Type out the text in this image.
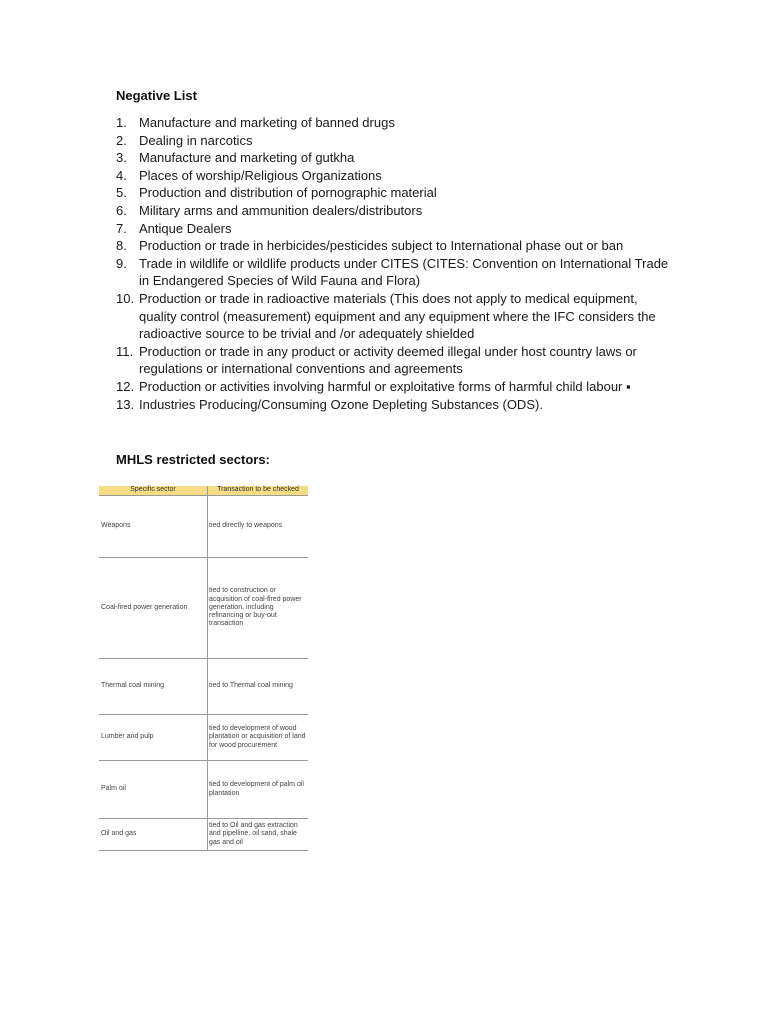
Negative List
1. Manufacture and marketing of banned drugs
2. Dealing in narcotics
3. Manufacture and marketing of gutkha
4. Places of worship/Religious Organizations
5. Production and distribution of pornographic material
6. Military arms and ammunition dealers/distributors
7. Antique Dealers
8. Production or trade in herbicides/pesticides subject to International phase out or ban
9. Trade in wildlife or wildlife products under CITES (CITES: Convention on International Trade in Endangered Species of Wild Fauna and Flora)
10. Production or trade in radioactive materials (This does not apply to medical equipment, quality control (measurement) equipment and any equipment where the IFC considers the radioactive source to be trivial and /or adequately shielded
11. Production or trade in any product or activity deemed illegal under host country laws or regulations or international conventions and agreements
12. Production or activities involving harmful or exploitative forms of harmful child labour ▪
13. Industries Producing/Consuming Ozone Depleting Substances (ODS).
MHLS restricted sectors:
Specific sector	Transaction to be checked
Weapons	tied directly to weapons
Coal-fired power generation	tied to construction or acquisition of coal-fired power generation, including refinancing or buy-out transaction
Thermal coal mining	tied to Thermal coal mining
Lumber and pulp	tied to development of wood plantation or acquisition of land for wood procurement
Palm oil	tied to development of palm oil plantation
Oil and gas	tied to Oil and gas extraction and pipelline, oil sand, shale gas and oil
